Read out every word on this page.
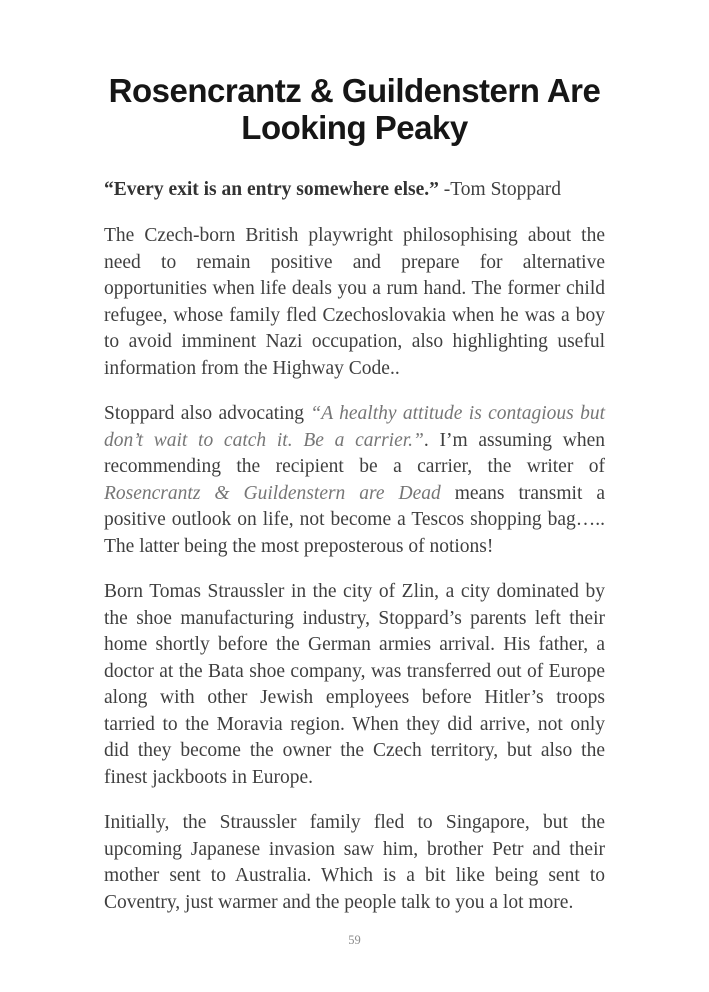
Rosencrantz & Guildenstern Are
Looking Peaky

“Every exit is an entry somewhere else.” -Tom Stoppard

The Czech-born British playwright philosophising about the need to remain positive and prepare for alternative opportunities when life deals you a rum hand. The former child refugee, whose family fled Czechoslovakia when he was a boy to avoid imminent Nazi occupation, also highlighting useful information from the Highway Code..

Stoppard also advocating “A healthy attitude is contagious but don’t wait to catch it. Be a carrier.”. I’m assuming when recommending the recipient be a carrier, the writer of Rosencrantz & Guildenstern are Dead means transmit a positive outlook on life, not become a Tescos shopping bag….. The latter being the most preposterous of notions!

Born Tomas Straussler in the city of Zlin, a city dominated by the shoe manufacturing industry, Stoppard’s parents left their home shortly before the German armies arrival. His father, a doctor at the Bata shoe company, was transferred out of Europe along with other Jewish employees before Hitler’s troops tarried to the Moravia region. When they did arrive, not only did they become the owner the Czech territory, but also the finest jackboots in Europe.

Initially, the Straussler family fled to Singapore, but the upcoming Japanese invasion saw him, brother Petr and their mother sent to Australia. Which is a bit like being sent to Coventry, just warmer and the people talk to you a lot more.

59
